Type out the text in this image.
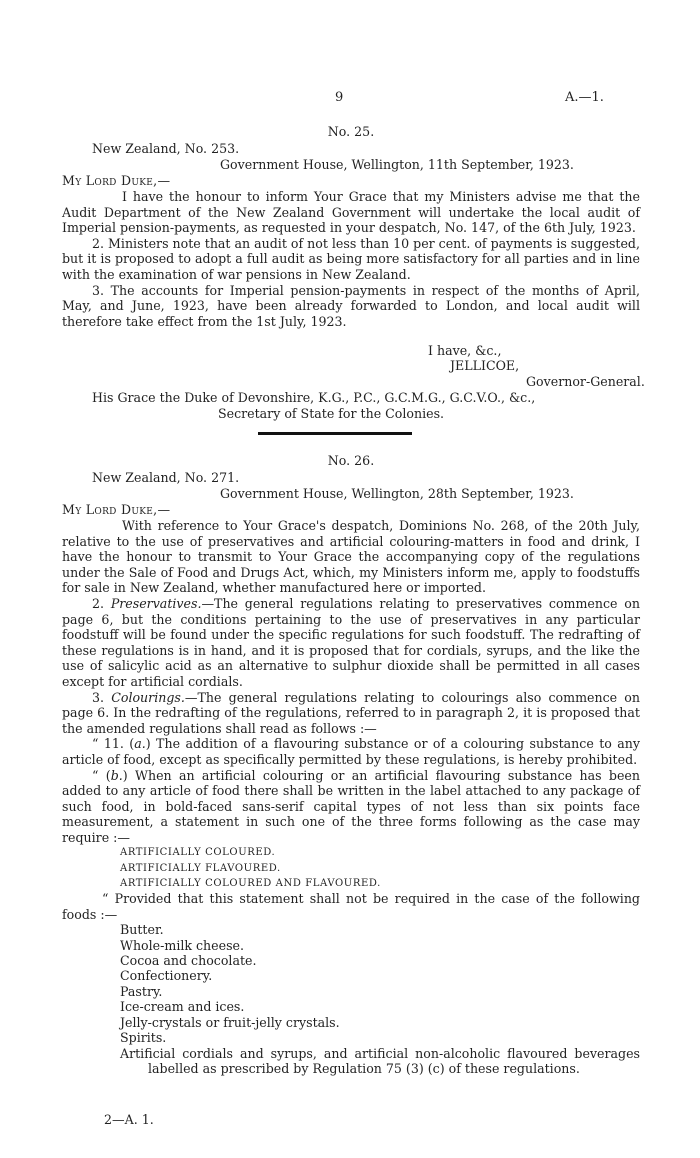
9	A.—1.
No. 25.
New Zealand, No. 253.
Government House, Wellington, 11th September, 1923.
My Lord Duke,—

I have the honour to inform Your Grace that my Ministers advise me that the Audit Department of the New Zealand Government will undertake the local audit of Imperial pension-payments, as requested in your despatch, No. 147, of the 6th July, 1923.

2. Ministers note that an audit of not less than 10 per cent. of payments is suggested, but it is proposed to adopt a full audit as being more satisfactory for all parties and in line with the examination of war pensions in New Zealand.

3. The accounts for Imperial pension-payments in respect of the months of April, May, and June, 1923, have been already forwarded to London, and local audit will therefore take effect from the 1st July, 1923.

I have, &c.,
JELLICOE,
Governor-General.
His Grace the Duke of Devonshire, K.G., P.C., G.C.M.G., G.C.V.O., &c.,
Secretary of State for the Colonies.
No. 26.
New Zealand, No. 271.
Government House, Wellington, 28th September, 1923.
My Lord Duke,—

With reference to Your Grace's despatch, Dominions No. 268, of the 20th July, relative to the use of preservatives and artificial colouring-matters in food and drink, I have the honour to transmit to Your Grace the accompanying copy of the regulations under the Sale of Food and Drugs Act, which, my Ministers inform me, apply to foodstuffs for sale in New Zealand, whether manufactured here or imported.

2. Preservatives.—The general regulations relating to preservatives commence on page 6, but the conditions pertaining to the use of preservatives in any particular foodstuff will be found under the specific regulations for such foodstuff. The redrafting of these regulations is in hand, and it is proposed that for cordials, syrups, and the like the use of salicylic acid as an alternative to sulphur dioxide shall be permitted in all cases except for artificial cordials.

3. Colourings.—The general regulations relating to colourings also commence on page 6. In the redrafting of the regulations, referred to in paragraph 2, it is proposed that the amended regulations shall read as follows :—

“ 11. (a.) The addition of a flavouring substance or of a colouring substance to any article of food, except as specifically permitted by these regulations, is hereby prohibited.

“ (b.) When an artificial colouring or an artificial flavouring substance has been added to any article of food there shall be written in the label attached to any package of such food, in bold-faced sans-serif capital types of not less than six points face measurement, a statement in such one of the three forms following as the case may require :—

ARTIFICIALLY COLOURED.
ARTIFICIALLY FLAVOURED.
ARTIFICIALLY COLOURED AND FLAVOURED.

“ Provided that this statement shall not be required in the case of the following foods :—

Butter.
Whole-milk cheese.
Cocoa and chocolate.
Confectionery.
Pastry.
Ice-cream and ices.
Jelly-crystals or fruit-jelly crystals.
Spirits.
Artificial cordials and syrups, and artificial non-alcoholic flavoured beverages labelled as prescribed by Regulation 75 (3) (c) of these regulations.
2—A. 1.
